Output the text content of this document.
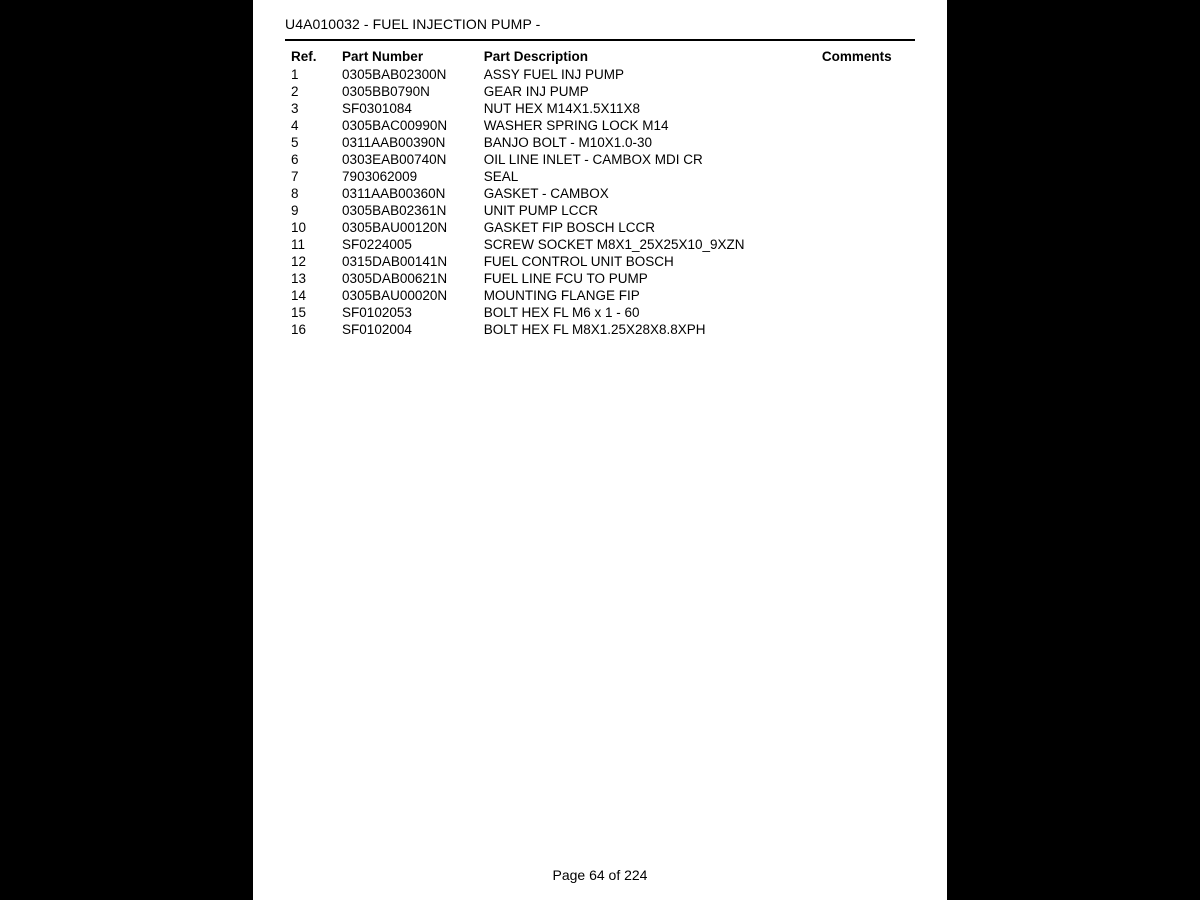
U4A010032 - FUEL INJECTION PUMP -
Ref.	Part Number	Part Description	Comments
1	0305BAB02300N	ASSY FUEL INJ PUMP	
2	0305BB0790N	GEAR INJ PUMP	
3	SF0301084	NUT HEX M14X1.5X11X8	
4	0305BAC00990N	WASHER SPRING LOCK M14	
5	0311AAB00390N	BANJO BOLT - M10X1.0-30	
6	0303EAB00740N	OIL LINE INLET - CAMBOX MDI CR	
7	7903062009	SEAL	
8	0311AAB00360N	GASKET - CAMBOX	
9	0305BAB02361N	UNIT PUMP LCCR	
10	0305BAU00120N	GASKET FIP BOSCH LCCR	
11	SF0224005	SCREW SOCKET M8X1_25X25X10_9XZN	
12	0315DAB00141N	FUEL CONTROL UNIT BOSCH	
13	0305DAB00621N	FUEL LINE FCU TO PUMP	
14	0305BAU00020N	MOUNTING FLANGE FIP	
15	SF0102053	BOLT HEX FL M6 x 1 - 60	
16	SF0102004	BOLT HEX FL M8X1.25X28X8.8XPH	
Page 64 of 224
